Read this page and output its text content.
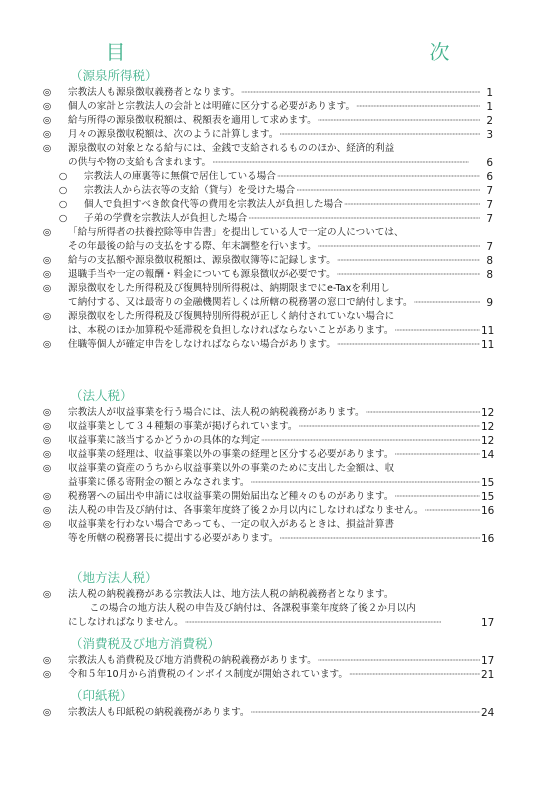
目　　次
（源泉所得税）
◎ 宗教法人も源泉徴収義務者となります。 ·····	1
◎ 個人の家計と宗教法人の会計とは明確に区分する必要があります。 ·····	1
◎ 給与所得の源泉徴収税額は、税額表を適用して求めます。 ·····	2
◎ 月々の源泉徴収税額は、次のように計算します。 ·····	3
◎ 源泉徴収の対象となる給与には、金銭で支給されるもののほか、経済的利益
の供与や物の支給も含まれます。 ·····	6
○ 宗教法人の庫裏等に無償で居住している場合 ·····	6
○ 宗教法人から法衣等の支給（貸与）を受けた場合 ·····	7
○ 個人で負担すべき飲食代等の費用を宗教法人が負担した場合 ·····	7
○ 子弟の学費を宗教法人が負担した場合 ·····	7
◎ 「給与所得者の扶養控除等申告書」を提出している人で一定の人については、
その年最後の給与の支払をする際、年末調整を行います。 ·····	7
◎ 給与の支払額や源泉徴収税額は、源泉徴収簿等に記録します。 ·····	8
◎ 退職手当や一定の報酬・料金についても源泉徴収が必要です。 ·····	8
◎ 源泉徴収をした所得税及び復興特別所得税は、納期限までにe-Taxを利用し
て納付する、又は最寄りの金融機関若しくは所轄の税務署の窓口で納付します。 ·····	9
◎ 源泉徴収をした所得税及び復興特別所得税が正しく納付されていない場合に
は、本税のほか加算税や延滞税を負担しなければならないことがあります。 ·····	11
◎ 住職等個人が確定申告をしなければならない場合があります。 ·····	11
（法人税）
◎ 宗教法人が収益事業を行う場合には、法人税の納税義務があります。 ·····	12
◎ 収益事業として３４種類の事業が掲げられています。 ·····	12
◎ 収益事業に該当するかどうかの具体的な判定 ·····	12
◎ 収益事業の経理は、収益事業以外の事業の経理と区分する必要があります。 ·····	14
◎ 収益事業の資産のうちから収益事業以外の事業のために支出した金額は、収
益事業に係る寄附金の額とみなされます。 ·····	15
◎ 税務署への届出や申請には収益事業の開始届出など種々のものがあります。 ·····	15
◎ 法人税の申告及び納付は、各事業年度終了後２か月以内にしなければなりません。 ·····	16
◎ 収益事業を行わない場合であっても、一定の収入があるときは、損益計算書
等を所轄の税務署長に提出する必要があります。 ·····	16
（地方法人税）
◎ 法人税の納税義務がある宗教法人は、地方法人税の納税義務者となります。
　この場合の地方法人税の申告及び納付は、各課税事業年度終了後２か月以内
にしなければなりません。 ·····	17
（消費税及び地方消費税）
◎ 宗教法人も消費税及び地方消費税の納税義務があります。 ·····	17
◎ 令和５年10月から消費税のインボイス制度が開始されています。 ·····	21
（印紙税）
◎ 宗教法人も印紙税の納税義務があります。 ·····	24
